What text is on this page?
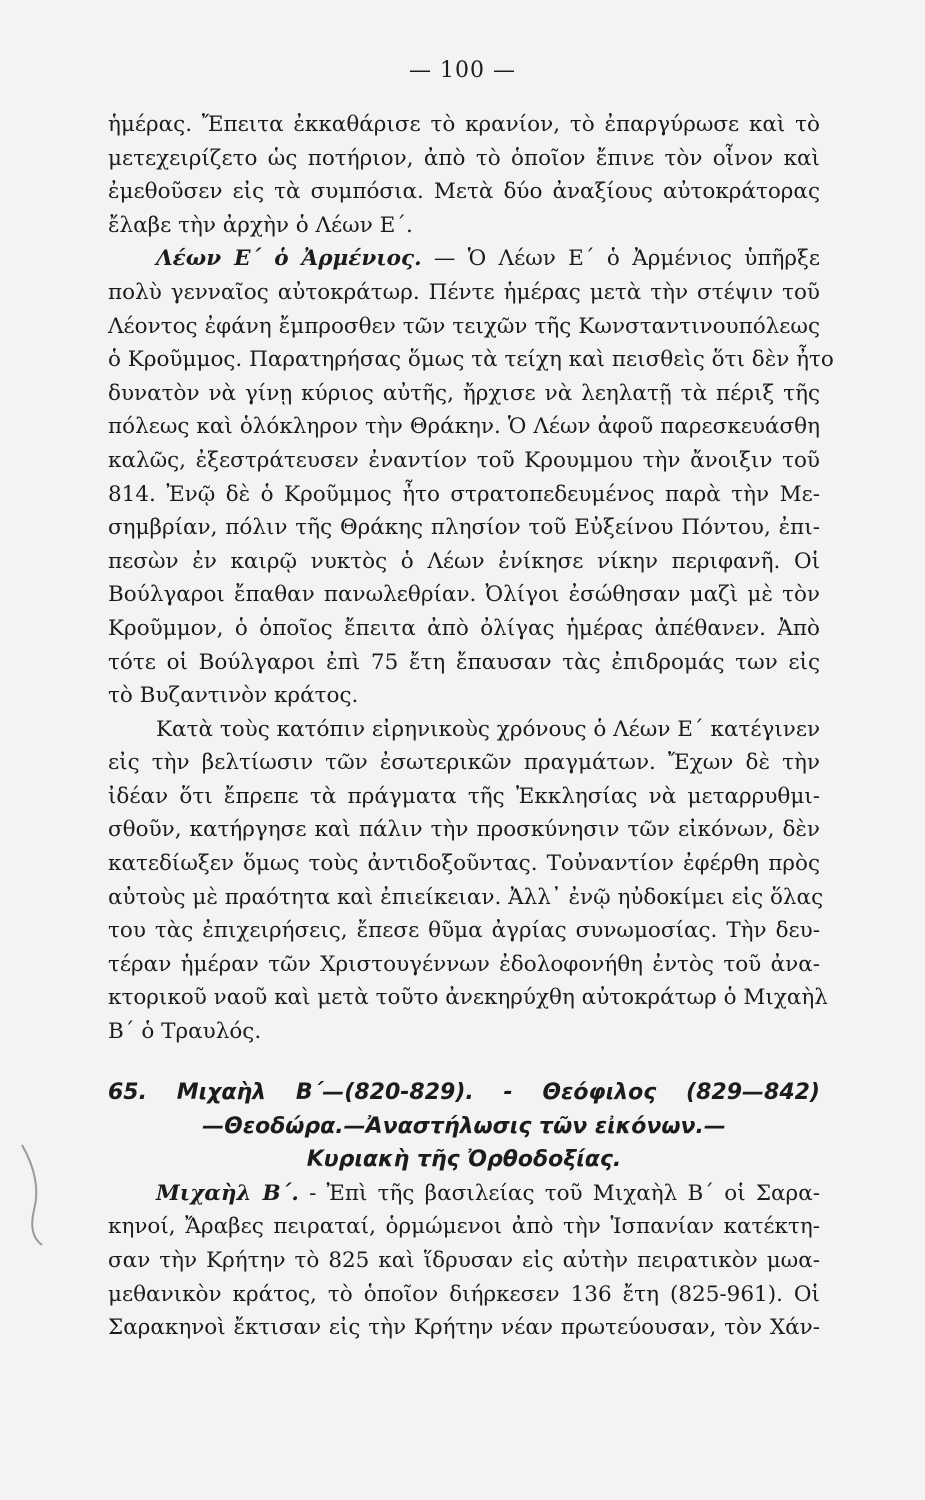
— 100 —
ἡμέρας. Ἔπειτα ἐκκαθάρισε τὸ κρανίον, τὸ ἐπαργύρωσε καὶ τὸ
μετεχειρίζετο ὡς ποτήριον, ἀπὸ τὸ ὁποῖον ἔπινε τὸν οἶνον καὶ
ἐμεθοῦσεν εἰς τὰ συμπόσια. Μετὰ δύο ἀναξίους αὐτοκράτορας
ἔλαβε τὴν ἀρχὴν ὁ Λέων Ε΄.
Λέων Ε΄ ὁ Ἀρμένιος. — Ὁ Λέων Ε΄ ὁ Ἀρμένιος ὑπῆρξε
πολὺ γενναῖος αὐτοκράτωρ. Πέντε ἡμέρας μετὰ τὴν στέψιν τοῦ
Λέοντος ἐφάνη ἔμπροσθεν τῶν τειχῶν τῆς Κωνσταντινουπόλεως
ὁ Κροῦμμος. Παρατηρήσας ὅμως τὰ τείχη καὶ πεισθεὶς ὅτι δὲν ἦτο
δυνατὸν νὰ γίνῃ κύριος αὐτῆς, ἤρχισε νὰ λεηλατῇ τὰ πέριξ τῆς
πόλεως καὶ ὁλόκληρον τὴν Θράκην. Ὁ Λέων ἀφοῦ παρεσκευάσθη
καλῶς, ἐξεστράτευσεν ἐναντίον τοῦ Κρουμμου τὴν ἄνοιξιν τοῦ
814. Ἐνῷ δὲ ὁ Κροῦμμος ἦτο στρατοπεδευμένος παρὰ τὴν Με-
σημβρίαν, πόλιν τῆς Θράκης πλησίον τοῦ Εὐξείνου Πόντου, ἐπι-
πεσὼν ἐν καιρῷ νυκτὸς ὁ Λέων ἐνίκησε νίκην περιφανῆ. Οἱ
Βούλγαροι ἔπαθαν πανωλεθρίαν. Ὀλίγοι ἐσώθησαν μαζὶ μὲ τὸν
Κροῦμμον, ὁ ὁποῖος ἔπειτα ἀπὸ ὀλίγας ἡμέρας ἀπέθανεν. Ἀπὸ
τότε οἱ Βούλγαροι ἐπὶ 75 ἔτη ἔπαυσαν τὰς ἐπιδρομάς των εἰς
τὸ Βυζαντινὸν κράτος.
Κατὰ τοὺς κατόπιν εἰρηνικοὺς χρόνους ὁ Λέων Ε΄ κατέγινεν
εἰς τὴν βελτίωσιν τῶν ἐσωτερικῶν πραγμάτων. Ἔχων δὲ τὴν
ἰδέαν ὅτι ἔπρεπε τὰ πράγματα τῆς Ἐκκλησίας νὰ μεταρρυθμι-
σθοῦν, κατήργησε καὶ πάλιν τὴν προσκύνησιν τῶν εἰκόνων, δὲν
κατεδίωξεν ὅμως τοὺς ἀντιδοξοῦντας. Τοὐναντίον ἐφέρθη πρὸς
αὐτοὺς μὲ πραότητα καὶ ἐπιείκειαν. Ἀλλ᾽ ἐνῷ ηὐδοκίμει εἰς ὅλας
του τὰς ἐπιχειρήσεις, ἔπεσε θῦμα ἀγρίας συνωμοσίας. Τὴν δευ-
τέραν ἡμέραν τῶν Χριστουγέννων ἐδολοφονήθη ἐντὸς τοῦ ἀνα-
κτορικοῦ ναοῦ καὶ μετὰ τοῦτο ἀνεκηρύχθη αὐτοκράτωρ ὁ Μιχαὴλ
Β΄ ὁ Τραυλός.
65. Μιχαὴλ Β΄—(820-829). - Θεόφιλος (829—842)
—Θεοδώρα.—Ἀναστήλωσις τῶν εἰκόνων.—
Κυριακὴ τῆς Ὀρθοδοξίας.
Μιχαὴλ Β΄. - Ἐπὶ τῆς βασιλείας τοῦ Μιχαὴλ Β΄ οἱ Σαρα-
κηνοί, Ἄραβες πειραταί, ὁρμώμενοι ἀπὸ τὴν Ἱσπανίαν κατέκτη-
σαν τὴν Κρήτην τὸ 825 καὶ ἵδρυσαν εἰς αὐτὴν πειρατικὸν μωα-
μεθανικὸν κράτος, τὸ ὁποῖον διήρκεσεν 136 ἔτη (825-961). Οἱ
Σαρακηνοὶ ἔκτισαν εἰς τὴν Κρήτην νέαν πρωτεύουσαν, τὸν Χάν-
